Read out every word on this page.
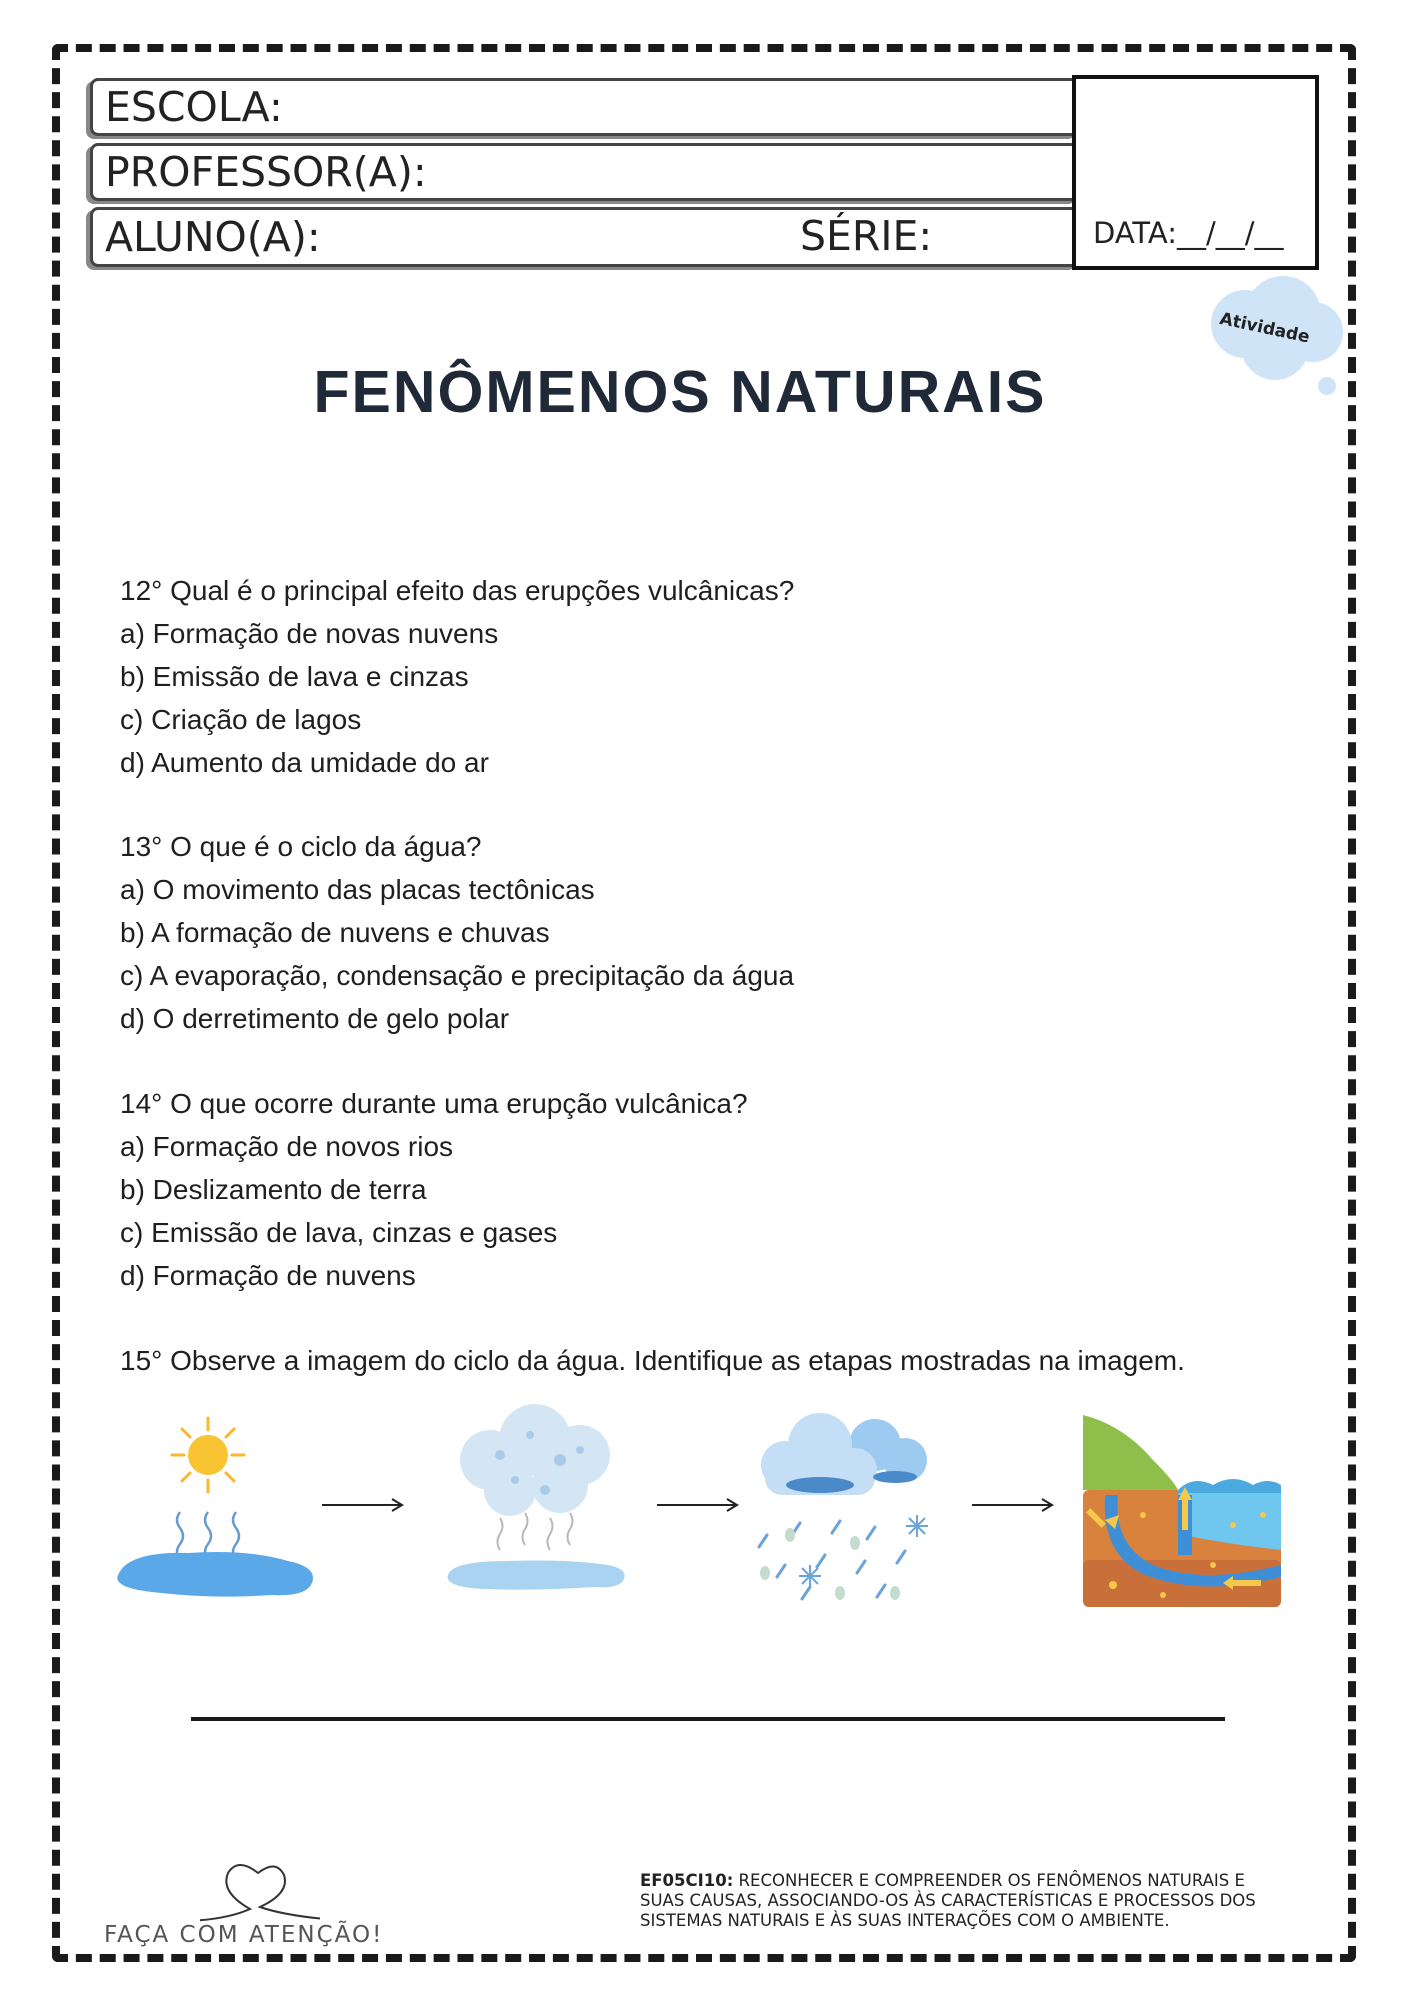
ESCOLA:
PROFESSOR(A):
ALUNO(A):	SÉRIE:	DATA:__/__/__
Atividade
FENÔMENOS NATURAIS
12° Qual é o principal efeito das erupções vulcânicas?
a) Formação de novas nuvens
b) Emissão de lava e cinzas
c) Criação de lagos
d) Aumento da umidade do ar
13° O que é o ciclo da água?
a) O movimento das placas tectônicas
b) A formação de nuvens e chuvas
c) A evaporação, condensação e precipitação da água
d) O derretimento de gelo polar
14° O que ocorre durante uma erupção vulcânica?
a) Formação de novos rios
b) Deslizamento de terra
c) Emissão de lava, cinzas e gases
d) Formação de nuvens
15° Observe a imagem do ciclo da água. Identifique as etapas mostradas na imagem.
FAÇA COM ATENÇÃO!
EF05CI10: RECONHECER E COMPREENDER OS FENÔMENOS NATURAIS E SUAS CAUSAS, ASSOCIANDO-OS ÀS CARACTERÍSTICAS E PROCESSOS DOS SISTEMAS NATURAIS E ÀS SUAS INTERAÇÕES COM O AMBIENTE.
